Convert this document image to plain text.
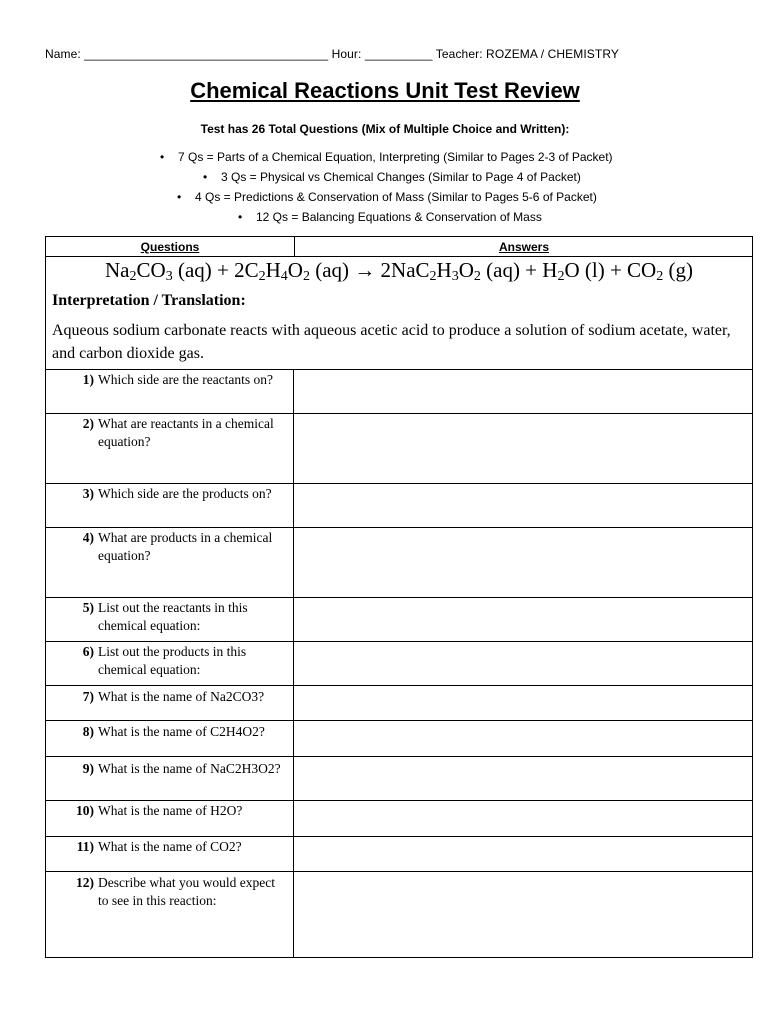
Name: ____________________________________ Hour: __________ Teacher: ROZEMA / CHEMISTRY
Chemical Reactions Unit Test Review
Test has 26 Total Questions (Mix of Multiple Choice and Written):
• 7 Qs = Parts of a Chemical Equation, Interpreting (Similar to Pages 2-3 of Packet)
• 3 Qs = Physical vs Chemical Changes (Similar to Page 4 of Packet)
• 4 Qs = Predictions & Conservation of Mass (Similar to Pages 5-6 of Packet)
• 12 Qs = Balancing Equations & Conservation of Mass
Questions	Answers
$Na_2CO_3$ $(aq) + 2C_2H_4O_2$ $(aq) \to 2NaC_2H_3O_2$ $(aq) + H_2O$ $(l) + CO_2$ (g)
Interpretation / Translation:
Aqueous sodium carbonate reacts with aqueous acetic acid to produce a solution of sodium acetate, water, and carbon dioxide gas.
1) Which side are the reactants on?
2) What are reactants in a chemical equation?
3) Which side are the products on?
4) What are products in a chemical equation?
5) List out the reactants in this chemical equation:
6) List out the products in this chemical equation:
7) What is the name of Na2CO3?
8) What is the name of C2H4O2?
9) What is the name of NaC2H3O2?
10) What is the name of H2O?
11) What is the name of CO2?
12) Describe what you would expect to see in this reaction:
